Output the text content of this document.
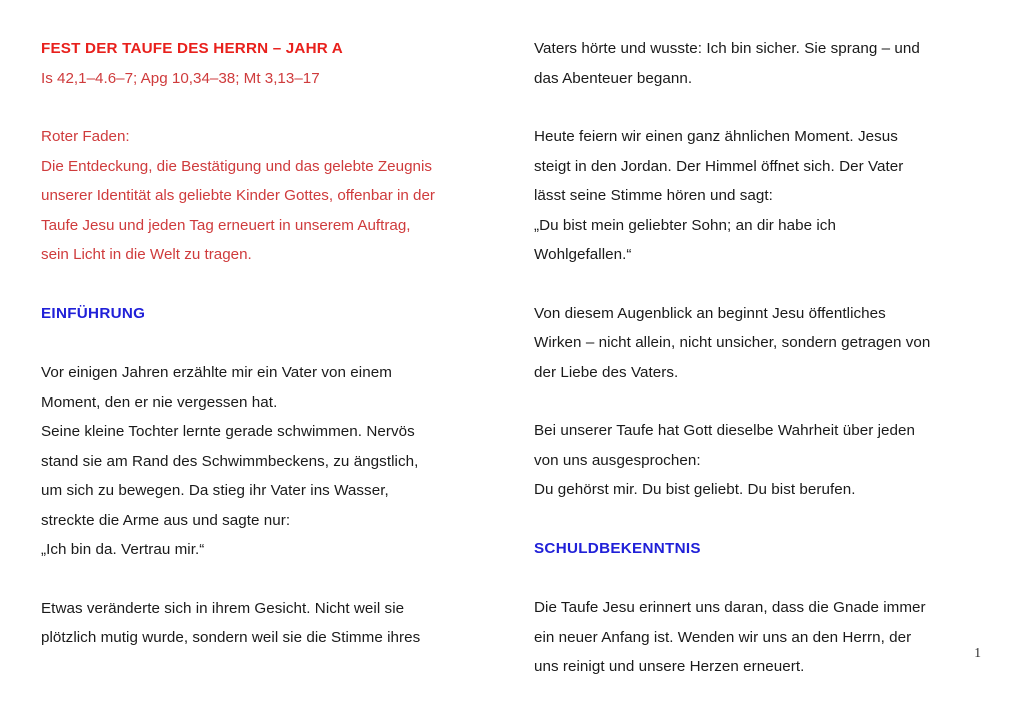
FEST DER TAUFE DES HERRN – JAHR A
Is 42,1–4.6–7; Apg 10,34–38; Mt 3,13–17
Roter Faden:
Die Entdeckung, die Bestätigung und das gelebte Zeugnis
unserer Identität als geliebte Kinder Gottes, offenbar in der
Taufe Jesu und jeden Tag erneuert in unserem Auftrag,
sein Licht in die Welt zu tragen.
EINFÜHRUNG
Vor einigen Jahren erzählte mir ein Vater von einem
Moment, den er nie vergessen hat.
Seine kleine Tochter lernte gerade schwimmen. Nervös
stand sie am Rand des Schwimmbeckens, zu ängstlich,
um sich zu bewegen. Da stieg ihr Vater ins Wasser,
streckte die Arme aus und sagte nur:
„Ich bin da. Vertrau mir.“
Etwas veränderte sich in ihrem Gesicht. Nicht weil sie
plötzlich mutig wurde, sondern weil sie die Stimme ihres
Vaters hörte und wusste: Ich bin sicher. Sie sprang – und
das Abenteuer begann.
Heute feiern wir einen ganz ähnlichen Moment. Jesus
steigt in den Jordan. Der Himmel öffnet sich. Der Vater
lässt seine Stimme hören und sagt:
„Du bist mein geliebter Sohn; an dir habe ich
Wohlgefallen.“
Von diesem Augenblick an beginnt Jesu öffentliches
Wirken – nicht allein, nicht unsicher, sondern getragen von
der Liebe des Vaters.
Bei unserer Taufe hat Gott dieselbe Wahrheit über jeden
von uns ausgesprochen:
Du gehörst mir. Du bist geliebt. Du bist berufen.
SCHULDBEKENNTNIS
Die Taufe Jesu erinnert uns daran, dass die Gnade immer
ein neuer Anfang ist. Wenden wir uns an den Herrn, der
uns reinigt und unsere Herzen erneuert.
1
